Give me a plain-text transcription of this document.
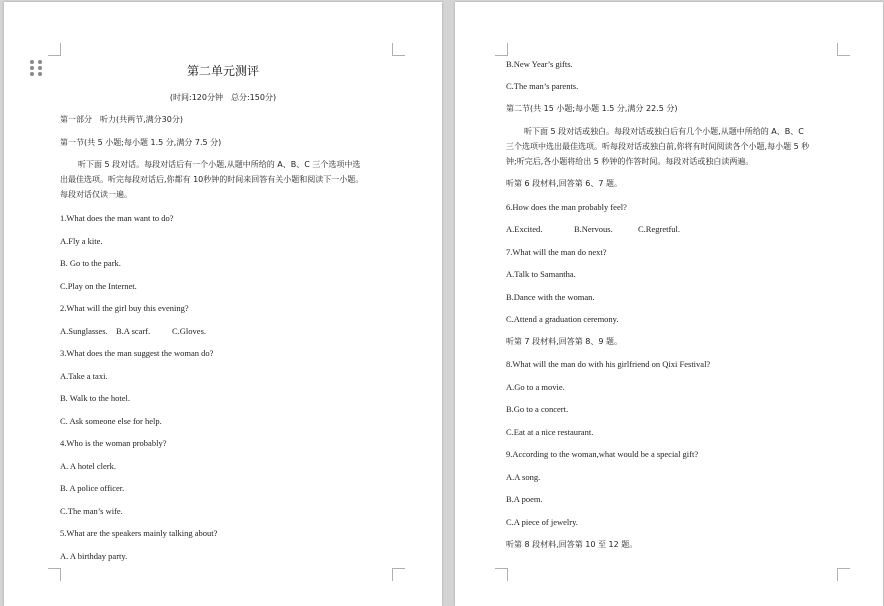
第二单元测评
(时间:120分钟　总分:150分)
第一部分　听力(共两节,满分30分)
第一节(共 5 小题;每小题 1.5 分,满分 7.5 分)
听下面 5 段对话。每段对话后有一个小题,从题中所给的 A、B、C 三个选项中选
出最佳选项。听完每段对话后,你都有 10秒钟的时间来回答有关小题和阅读下一小题。
每段对话仅读一遍。
1.What does the man want to do?
A.Fly a kite.
B. Go to the park.
C.Play on the Internet.
2.What will the girl buy this evening?
A.Sunglasses. B.A scarf.	C.Gloves.
3.What does the man suggest the woman do?
A.Take a taxi.
B. Walk to the hotel.
C. Ask someone else for help.
4.Who is the woman probably?
A. A hotel clerk.
B. A police officer.
C.The man’s wife.
5.What are the speakers mainly talking about?
A. A birthday party.
B.New Year’s gifts.
C.The man’s parents.
第二节(共 15 小题;每小题 1.5 分,满分 22.5 分)
听下面 5 段对话或独白。每段对话或独白后有几个小题,从题中所给的 A、B、C
三个选项中选出最佳选项。听每段对话或独白前,你将有时间阅读各个小题,每小题 5 秒
钟;听完后,各小题将给出 5 秒钟的作答时间。每段对话或独白读两遍。
听第 6 段材料,回答第 6、7 题。
6.How does the man probably feel?
A.Excited.	B.Nervous.	C.Regretful.
7.What will the man do next?
A.Talk to Samantha.
B.Dance with the woman.
C.Attend a graduation ceremony.
听第 7 段材料,回答第 8、9 题。
8.What will the man do with his girlfriend on Qixi Festival?
A.Go to a movie.
B.Go to a concert.
C.Eat at a nice restaurant.
9.According to the woman,what would be a special gift?
A.A song.
B.A poem.
C.A piece of jewelry.
听第 8 段材料,回答第 10 至 12 题。
